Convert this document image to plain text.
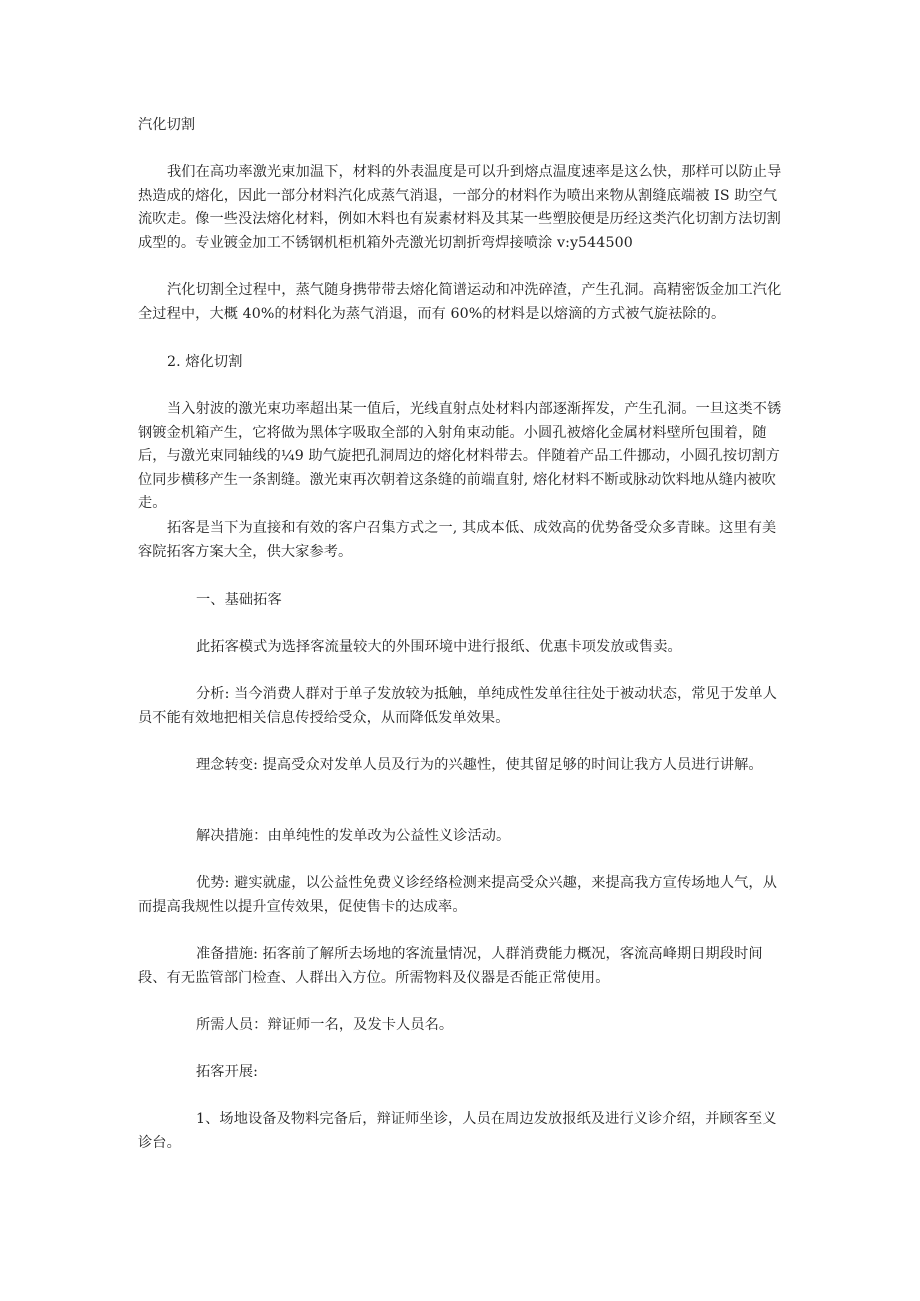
汽化切割

我们在高功率激光束加温下，材料的外表温度是可以升到熔点温度速率是这么快，那样可以防止导热造成的熔化，因此一部分材料汽化成蒸气消退，一部分的材料作为喷出来物从割缝底端被 IS 助空气流吹走。像一些没法熔化材料，例如木料也有炭素材料及其某一些塑胶便是历经这类汽化切割方法切割成型的。专业镀金加工不锈钢机柜机箱外壳激光切割折弯焊接喷涂 v:y544500

汽化切割全过程中，蒸气随身携带带去熔化简谱运动和冲洗碎渣，产生孔洞。高精密饭金加工汽化全过程中，大概 40%的材料化为蒸气消退，而有 60%的材料是以熔滴的方式被气旋祛除的。

2. 熔化切割

当入射波的激光束功率超出某一值后，光线直射点处材料内部逐渐挥发，产生孔洞。一旦这类不锈钢镀金机箱产生，它将做为黑体字吸取全部的入射角束动能。小圆孔被熔化金属材料壁所包围着，随后，与激光束同轴线的¼9 助气旋把孔洞周边的熔化材料带去。伴随着产品工件挪动，小圆孔按切割方位同步横移产生一条割缝。激光束再次朝着这条缝的前端直射, 熔化材料不断或脉动饮料地从缝内被吹走。

拓客是当下为直接和有效的客户召集方式之一, 其成本低、成效高的优势备受众多青睐。这里有美容院拓客方案大全，供大家参考。

一、基础拓客

此拓客模式为选择客流量较大的外围环境中进行报纸、优惠卡项发放或售卖。

分析: 当今消费人群对于单子发放较为抵触，单纯成性发单往往处于被动状态，常见于发单人员不能有效地把相关信息传授给受众，从而降低发单效果。

理念转变: 提高受众对发单人员及行为的兴趣性，使其留足够的时间让我方人员进行讲解。

解决措施：由单纯性的发单改为公益性义诊活动。

优势: 避实就虚，以公益性免费义诊经络检测来提高受众兴趣，来提高我方宣传场地人气，从而提高我规性以提升宣传效果，促使售卡的达成率。

准备措施: 拓客前了解所去场地的客流量情况，人群消费能力概况，客流高峰期日期段时间段、有无监管部门检查、人群出入方位。所需物料及仪器是否能正常使用。

所需人员：辩证师一名，及发卡人员名。

拓客开展:

1、场地设备及物料完备后，辩证师坐诊，人员在周边发放报纸及进行义诊介绍，并顾客至义诊台。
